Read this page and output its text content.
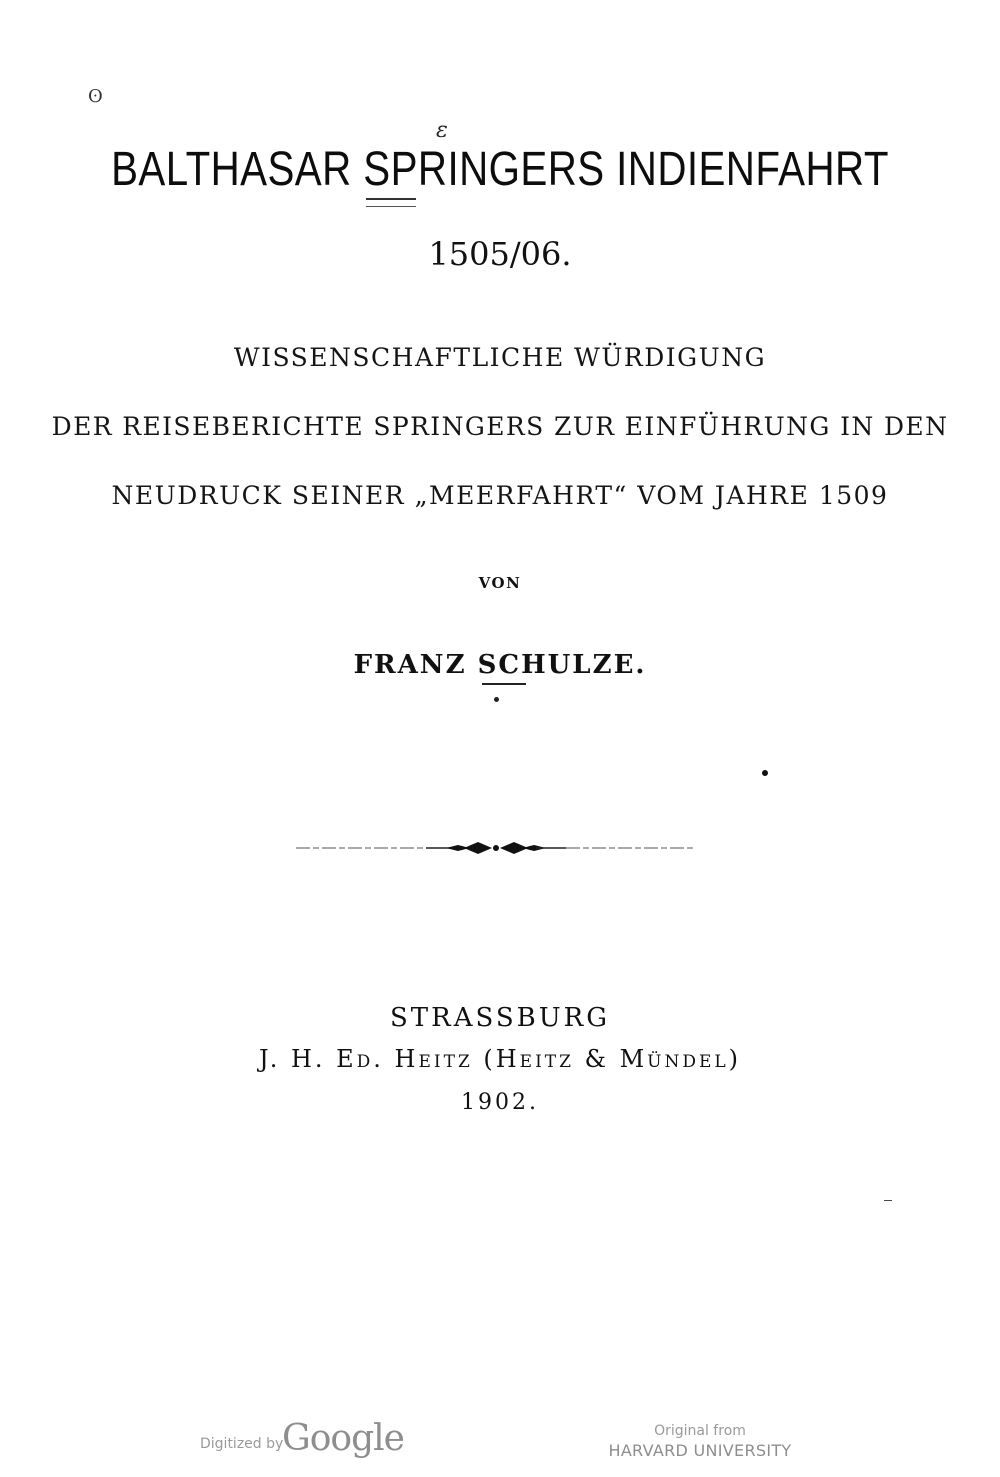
ʘ
ɛ
BALTHASAR SPRINGERS INDIENFAHRT
1505/06.
WISSENSCHAFTLICHE WÜRDIGUNG
DER REISEBERICHTE SPRINGERS ZUR EINFÜHRUNG IN DEN
NEUDRUCK SEINER „MEERFAHRT“ VOM JAHRE 1509
VON
FRANZ SCHULZE.
STRASSBURG
J. H. Ed. Heitz (Heitz & Mündel)
1902.
Digitized by
Google	Original from
HARVARD UNIVERSITY
